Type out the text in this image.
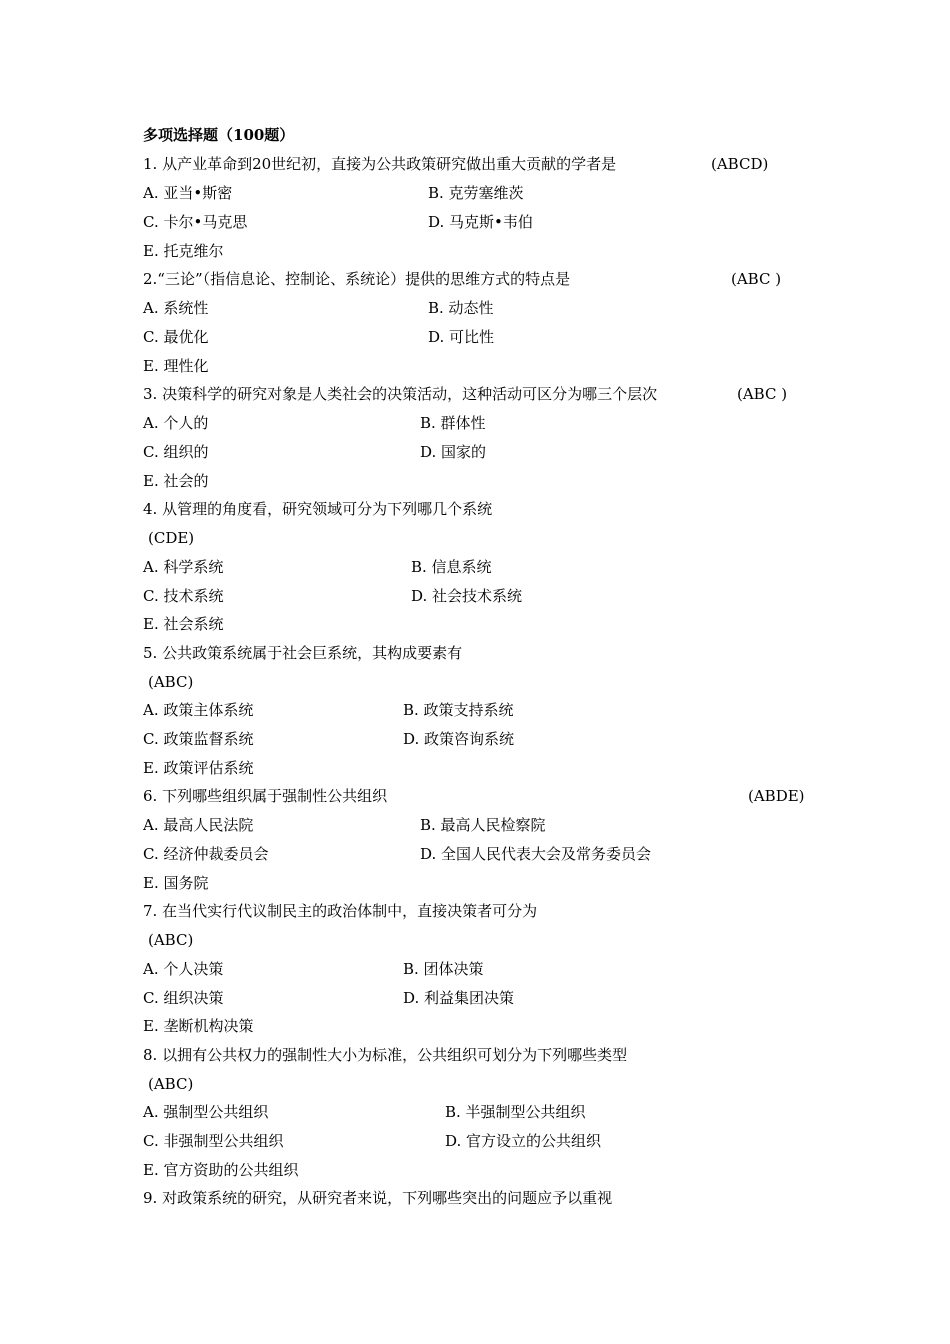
多项选择题（100题）
1. 从产业革命到20世纪初，直接为公共政策研究做出重大贡献的学者是	(ABCD)
A. 亚当•斯密	B. 克劳塞维茨
C. 卡尔•马克思	D. 马克斯•韦伯
E. 托克维尔
2.“三论”（指信息论、控制论、系统论）提供的思维方式的特点是	(ABC )
A. 系统性	B. 动态性
C. 最优化	D. 可比性
E. 理性化
3. 决策科学的研究对象是人类社会的决策活动，这种活动可区分为哪三个层次	(ABC )
A. 个人的	B. 群体性
C. 组织的	D. 国家的
E. 社会的
4. 从管理的角度看，研究领域可分为下列哪几个系统
(CDE)
A. 科学系统	B. 信息系统
C. 技术系统	D. 社会技术系统
E. 社会系统
5. 公共政策系统属于社会巨系统，其构成要素有
(ABC)
A. 政策主体系统	B. 政策支持系统
C. 政策监督系统	D. 政策咨询系统
E. 政策评估系统
6. 下列哪些组织属于强制性公共组织	(ABDE)
A. 最高人民法院	B. 最高人民检察院
C. 经济仲裁委员会	D. 全国人民代表大会及常务委员会
E. 国务院
7. 在当代实行代议制民主的政治体制中，直接决策者可分为
(ABC)
A. 个人决策	B. 团体决策
C. 组织决策	D. 利益集团决策
E. 垄断机构决策
8. 以拥有公共权力的强制性大小为标准，公共组织可划分为下列哪些类型
(ABC)
A. 强制型公共组织	B. 半强制型公共组织
C. 非强制型公共组织	D. 官方设立的公共组织
E. 官方资助的公共组织
9. 对政策系统的研究，从研究者来说，下列哪些突出的问题应予以重视
